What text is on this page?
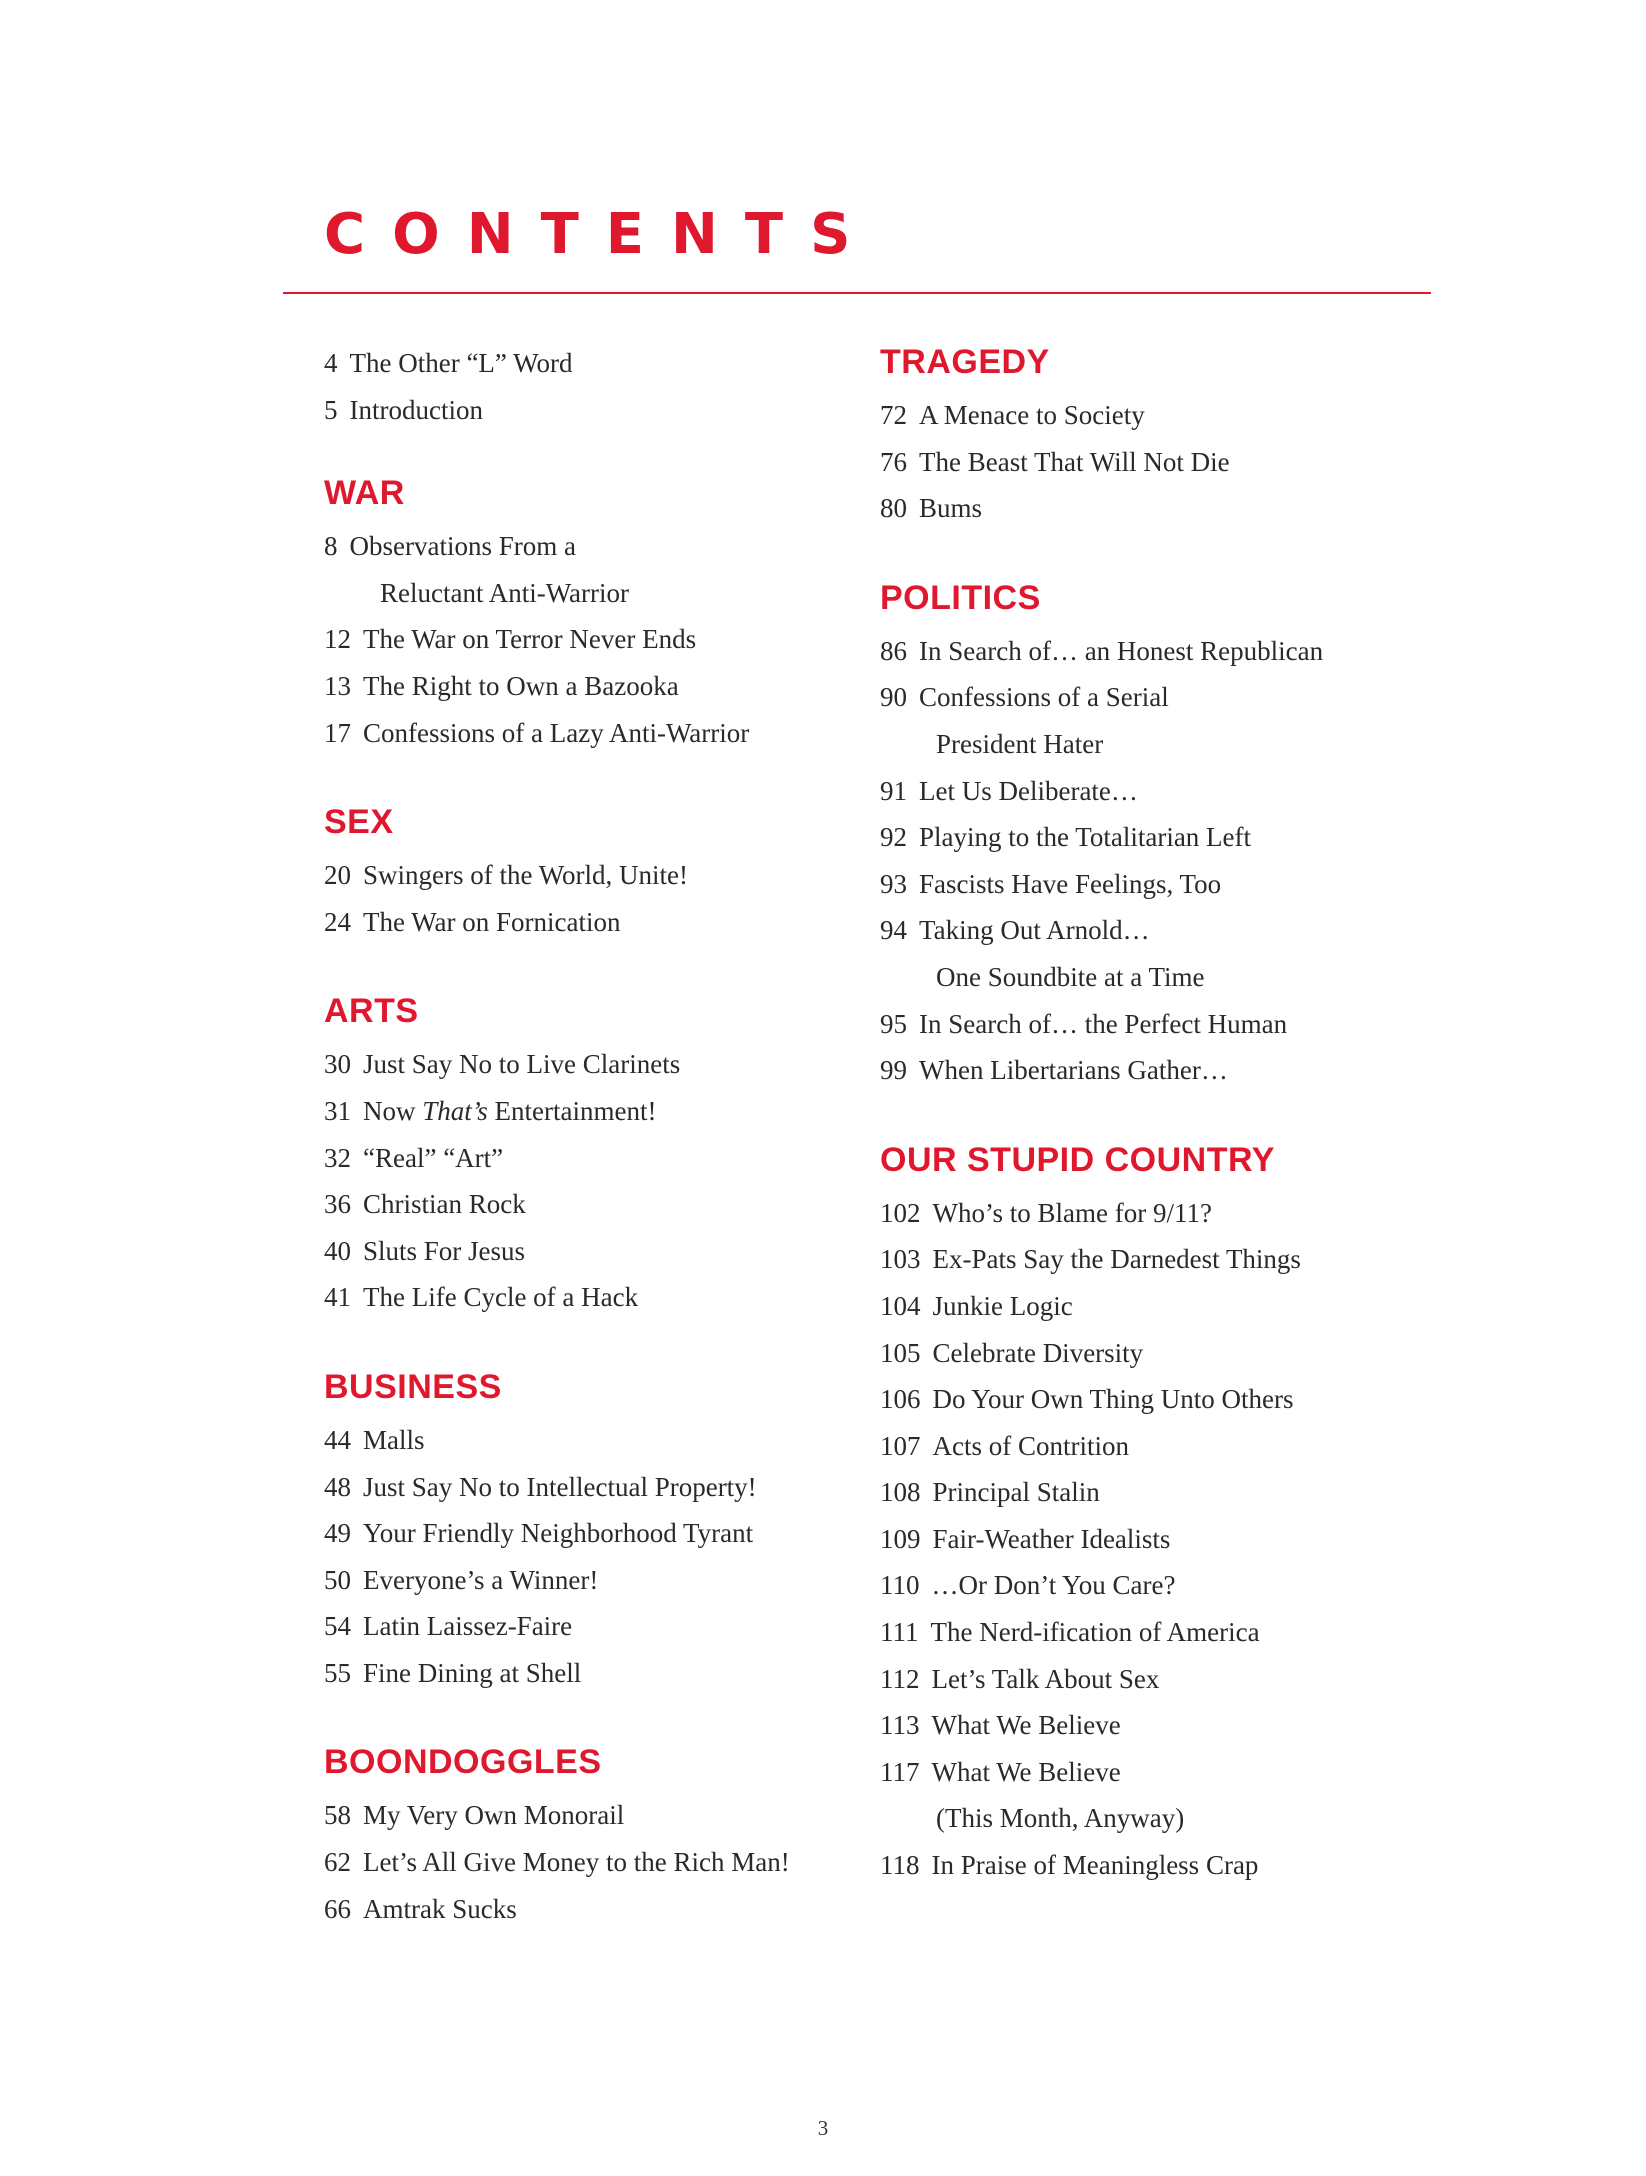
CONTENTS
4 The Other “L” Word
5 Introduction
WAR
8 Observations From a
Reluctant Anti-Warrior
12 The War on Terror Never Ends
13 The Right to Own a Bazooka
17 Confessions of a Lazy Anti-Warrior
SEX
20 Swingers of the World, Unite!
24 The War on Fornication
ARTS
30 Just Say No to Live Clarinets
31 Now That’s Entertainment!
32 “Real” “Art”
36 Christian Rock
40 Sluts For Jesus
41 The Life Cycle of a Hack
BUSINESS
44 Malls
48 Just Say No to Intellectual Property!
49 Your Friendly Neighborhood Tyrant
50 Everyone’s a Winner!
54 Latin Laissez-Faire
55 Fine Dining at Shell
BOONDOGGLES
58 My Very Own Monorail
62 Let’s All Give Money to the Rich Man!
66 Amtrak Sucks
TRAGEDY
72 A Menace to Society
76 The Beast That Will Not Die
80 Bums
POLITICS
86 In Search of… an Honest Republican
90 Confessions of a Serial
President Hater
91 Let Us Deliberate…
92 Playing to the Totalitarian Left
93 Fascists Have Feelings, Too
94 Taking Out Arnold…
One Soundbite at a Time
95 In Search of… the Perfect Human
99 When Libertarians Gather…
OUR STUPID COUNTRY
102 Who’s to Blame for 9/11?
103 Ex-Pats Say the Darnedest Things
104 Junkie Logic
105 Celebrate Diversity
106 Do Your Own Thing Unto Others
107 Acts of Contrition
108 Principal Stalin
109 Fair-Weather Idealists
110 …Or Don’t You Care?
111 The Nerd-ification of America
112 Let’s Talk About Sex
113 What We Believe
117 What We Believe
(This Month, Anyway)
118 In Praise of Meaningless Crap
3
